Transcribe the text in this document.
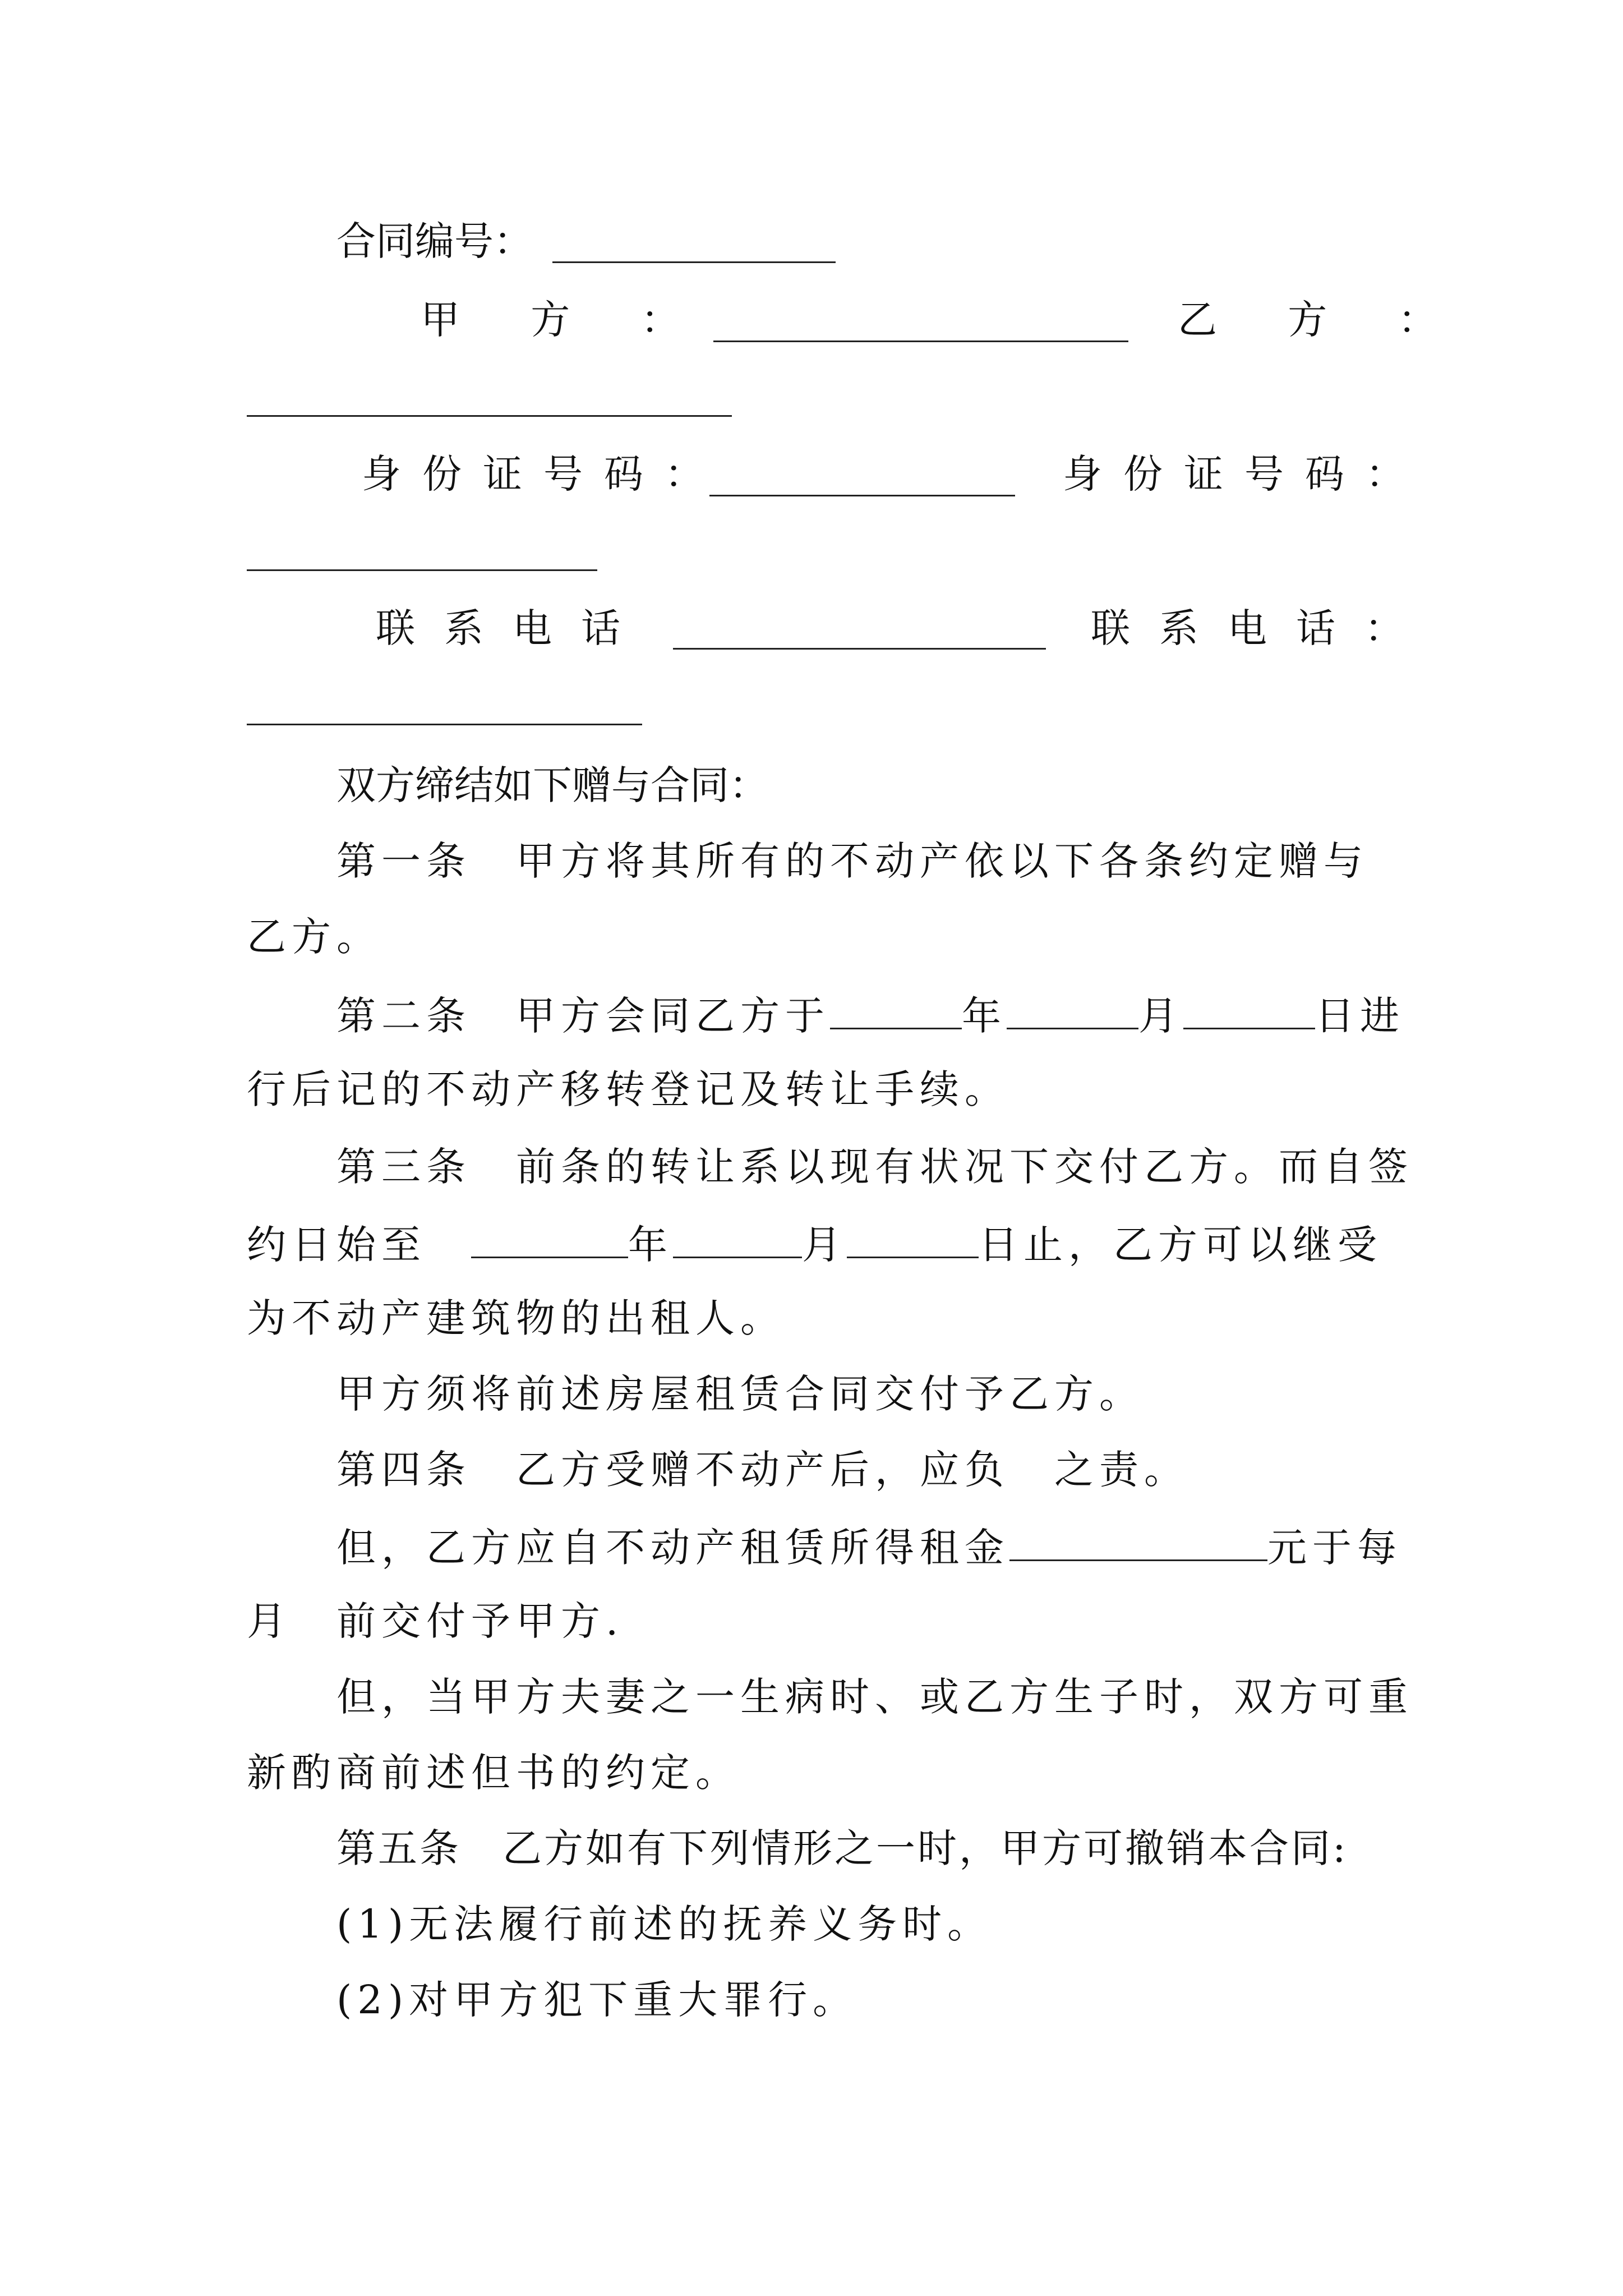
合同编号：
甲 方 ：	乙 方 ：
身份证号码：	身份证号码：
联系电话	联系电话：
双方缔结如下赠与合同：
第一条　甲方将其所有的不动产依以下各条约定赠与
乙方。
第二条　甲方会同乙方于	年	月	日进
行后记的不动产移转登记及转让手续。
第三条　前条的转让系以现有状况下交付乙方。而自签
约日始至	年	月	日止，乙方可以继受
为不动产建筑物的出租人。
甲方须将前述房屋租赁合同交付予乙方。
第四条　乙方受赠不动产后，应负　之责。
但，乙方应自不动产租赁所得租金	元于每
月　前交付予甲方.
但，当甲方夫妻之一生病时、或乙方生子时，双方可重
新酌商前述但书的约定。
第五条　乙方如有下列情形之一时，甲方可撤销本合同:
(1)无法履行前述的抚养义务时。
(2)对甲方犯下重大罪行。
